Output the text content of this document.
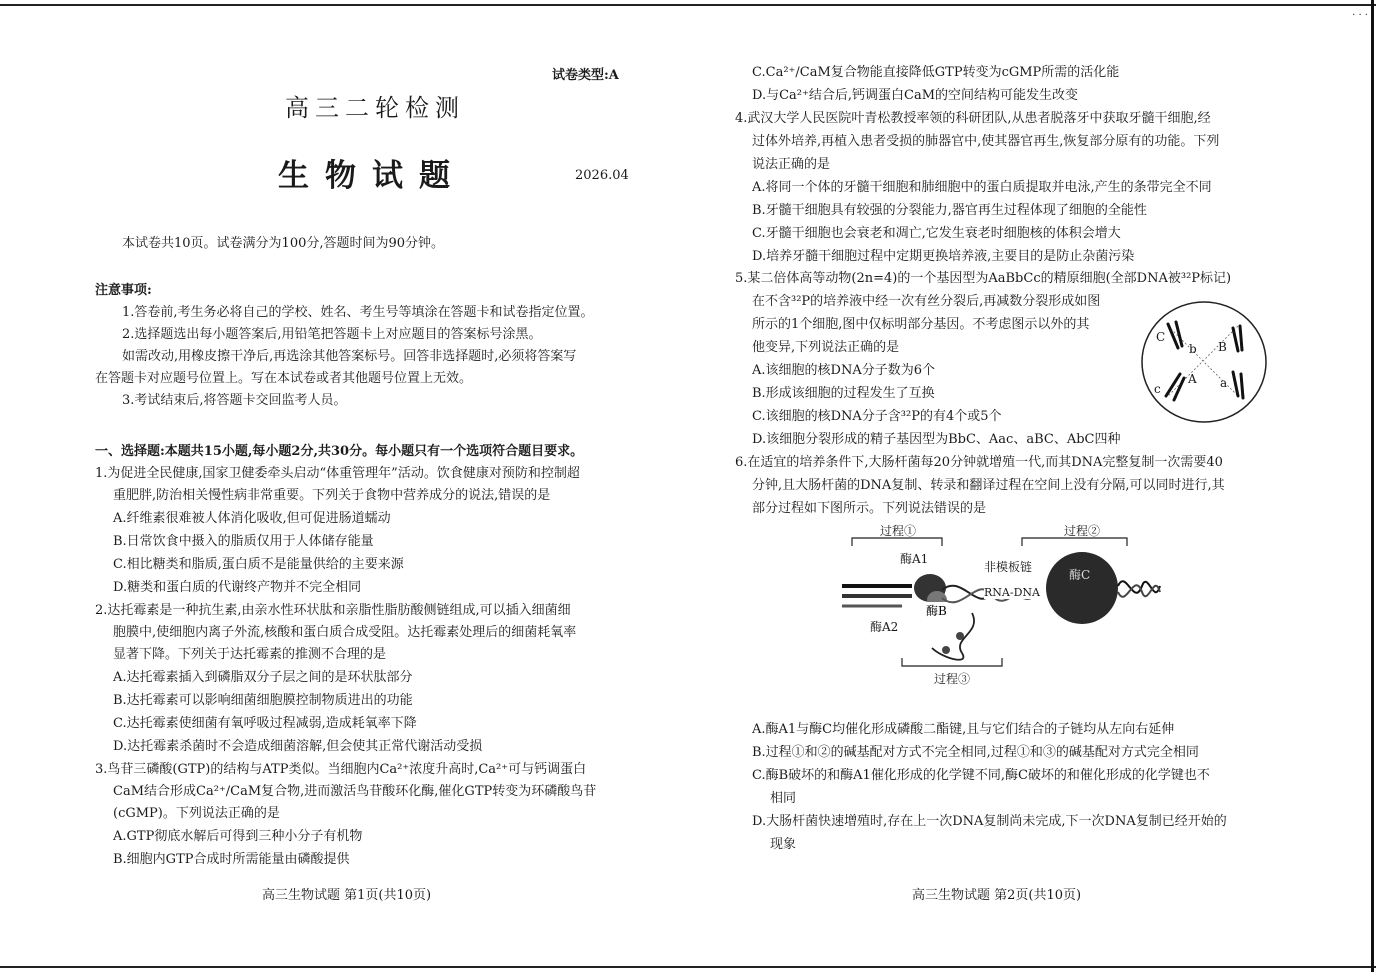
· · ·
试卷类型:A
高三二轮检测
生物试题	2026.04
本试卷共10页。试卷满分为100分,答题时间为90分钟。
注意事项:
1.答卷前,考生务必将自己的学校、姓名、考生号等填涂在答题卡和试卷指定位置。
2.选择题选出每小题答案后,用铅笔把答题卡上对应题目的答案标号涂黑。
如需改动,用橡皮擦干净后,再选涂其他答案标号。回答非选择题时,必须将答案写
在答题卡对应题号位置上。写在本试卷或者其他题号位置上无效。
3.考试结束后,将答题卡交回监考人员。
一、选择题:本题共15小题,每小题2分,共30分。每小题只有一个选项符合题目要求。
1.为促进全民健康,国家卫健委牵头启动“体重管理年”活动。饮食健康对预防和控制超
重肥胖,防治相关慢性病非常重要。下列关于食物中营养成分的说法,错误的是
A.纤维素很难被人体消化吸收,但可促进肠道蠕动
B.日常饮食中摄入的脂质仅用于人体储存能量
C.相比糖类和脂质,蛋白质不是能量供给的主要来源
D.糖类和蛋白质的代谢终产物并不完全相同
2.达托霉素是一种抗生素,由亲水性环状肽和亲脂性脂肪酸侧链组成,可以插入细菌细
胞膜中,使细胞内离子外流,核酸和蛋白质合成受阻。达托霉素处理后的细菌耗氧率
显著下降。下列关于达托霉素的推测不合理的是
A.达托霉素插入到磷脂双分子层之间的是环状肽部分
B.达托霉素可以影响细菌细胞膜控制物质进出的功能
C.达托霉素使细菌有氧呼吸过程减弱,造成耗氧率下降
D.达托霉素杀菌时不会造成细菌溶解,但会使其正常代谢活动受损
3.鸟苷三磷酸(GTP)的结构与ATP类似。当细胞内Ca²⁺浓度升高时,Ca²⁺可与钙调蛋白
CaM结合形成Ca²⁺/CaM复合物,进而激活鸟苷酸环化酶,催化GTP转变为环磷酸鸟苷
(cGMP)。下列说法正确的是
A.GTP彻底水解后可得到三种小分子有机物
B.细胞内GTP合成时所需能量由磷酸提供
高三生物试题 第1页(共10页)
C.Ca²⁺/CaM复合物能直接降低GTP转变为cGMP所需的活化能
D.与Ca²⁺结合后,钙调蛋白CaM的空间结构可能发生改变
4.武汉大学人民医院叶青松教授率领的科研团队,从患者脱落牙中获取牙髓干细胞,经
过体外培养,再植入患者受损的肺器官中,使其器官再生,恢复部分原有的功能。下列
说法正确的是
A.将同一个体的牙髓干细胞和肺细胞中的蛋白质提取并电泳,产生的条带完全不同
B.牙髓干细胞具有较强的分裂能力,器官再生过程体现了细胞的全能性
C.牙髓干细胞也会衰老和凋亡,它发生衰老时细胞核的体积会增大
D.培养牙髓干细胞过程中定期更换培养液,主要目的是防止杂菌污染
5.某二倍体高等动物(2n=4)的一个基因型为AaBbCc的精原细胞(全部DNA被³²P标记)
在不含³²P的培养液中经一次有丝分裂后,再减数分裂形成如图
所示的1个细胞,图中仅标明部分基因。不考虑图示以外的其
他变异,下列说法正确的是
A.该细胞的核DNA分子数为6个
B.形成该细胞的过程发生了互换
C.该细胞的核DNA分子含³²P的有4个或5个
D.该细胞分裂形成的精子基因型为BbC、Aac、aBC、AbC四种
C
b B
A a
c
6.在适宜的培养条件下,大肠杆菌每20分钟就增殖一代,而其DNA完整复制一次需要40
分钟,且大肠杆菌的DNA复制、转录和翻译过程在空间上没有分隔,可以同时进行,其
部分过程如下图所示。下列说法错误的是
过程①	过程②
过程③
酶A1
酶A2
酶B
酶C
非模板链
RNA-DNA
A.酶A1与酶C均催化形成磷酸二酯键,且与它们结合的子链均从左向右延伸
B.过程①和②的碱基配对方式不完全相同,过程①和③的碱基配对方式完全相同
C.酶B破坏的和酶A1催化形成的化学键不同,酶C破坏的和催化形成的化学键也不
相同
D.大肠杆菌快速增殖时,存在上一次DNA复制尚未完成,下一次DNA复制已经开始的
现象
高三生物试题 第2页(共10页)
